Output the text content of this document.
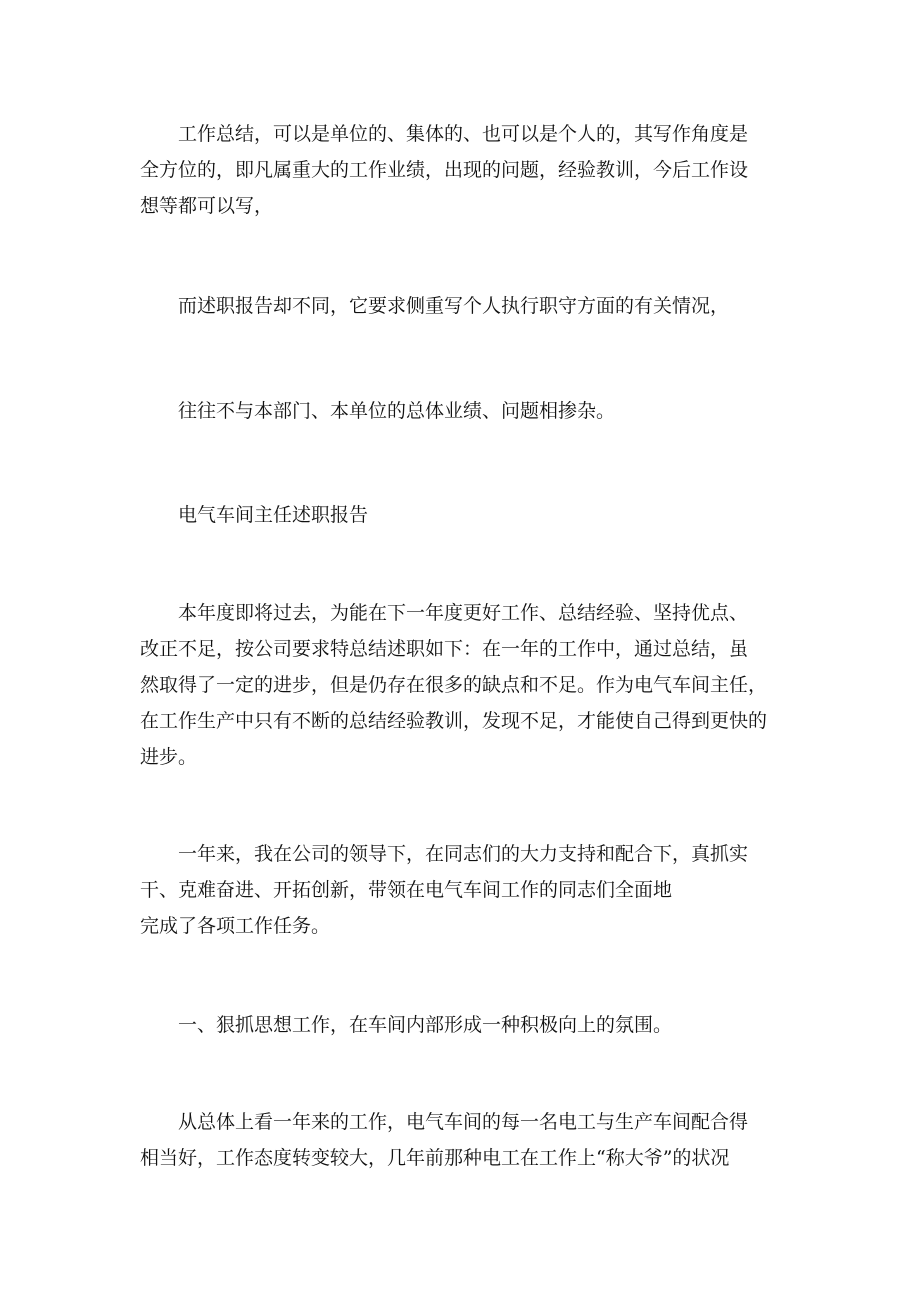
工作总结，可以是单位的、集体的、也可以是个人的，其写作角度是
全方位的，即凡属重大的工作业绩，出现的问题，经验教训，今后工作设
想等都可以写，
而述职报告却不同，它要求侧重写个人执行职守方面的有关情况，
往往不与本部门、本单位的总体业绩、问题相掺杂。
电气车间主任述职报告
本年度即将过去，为能在下一年度更好工作、总结经验、坚持优点、
改正不足，按公司要求特总结述职如下：在一年的工作中，通过总结，虽
然取得了一定的进步，但是仍存在很多的缺点和不足。作为电气车间主任，
在工作生产中只有不断的总结经验教训，发现不足，才能使自己得到更快的
进步。
一年来，我在公司的领导下，在同志们的大力支持和配合下，真抓实
干、克难奋进、开拓创新，带领在电气车间工作的同志们全面地
完成了各项工作任务。
一、狠抓思想工作，在车间内部形成一种积极向上的氛围。
从总体上看一年来的工作，电气车间的每一名电工与生产车间配合得
相当好，工作态度转变较大，几年前那种电工在工作上“称大爷”的状况
